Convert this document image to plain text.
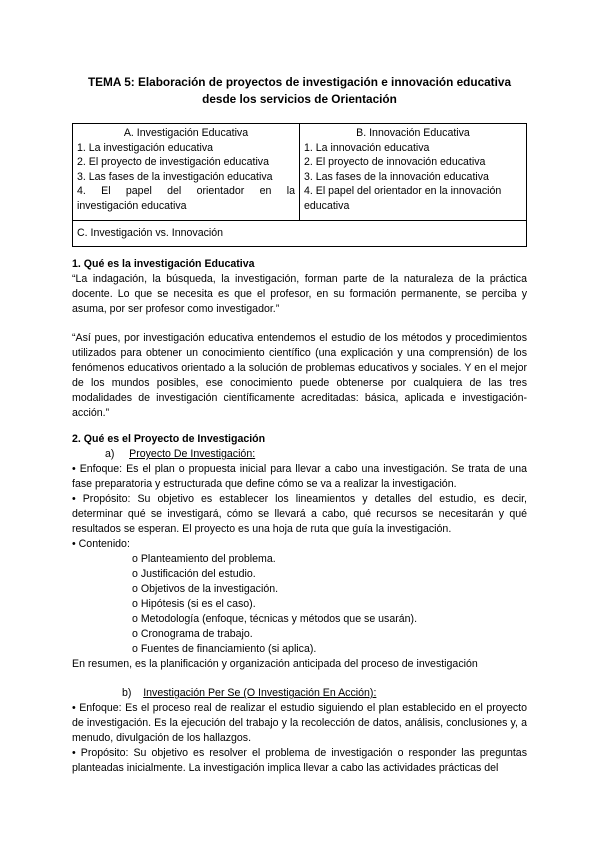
TEMA 5: Elaboración de proyectos de investigación e innovación educativa
desde los servicios de Orientación
A. Investigación Educativa
1. La investigación educativa
2. El proyecto de investigación educativa
3. Las fases de la investigación educativa
4. El papel del orientador en la
investigación educativa

B. Innovación Educativa
1. La innovación educativa
2. El proyecto de innovación educativa
3. Las fases de la innovación educativa
4. El papel del orientador en la innovación
educativa

C. Investigación vs. Innovación

1. Qué es la investigación Educativa

“La indagación, la búsqueda, la investigación, forman parte de la naturaleza de la práctica docente. Lo que se necesita es que el profesor, en su formación permanente, se perciba y asuma, por ser profesor como investigador.”

“Así pues, por investigación educativa entendemos el estudio de los métodos y procedimientos utilizados para obtener un conocimiento científico (una explicación y una comprensión) de los fenómenos educativos orientado a la solución de problemas educativos y sociales. Y en el mejor de los mundos posibles, ese conocimiento puede obtenerse por cualquiera de las tres modalidades de investigación científicamente acreditadas: básica, aplicada e investigación-acción.”

2. Qué es el Proyecto de Investigación

a) Proyecto De Investigación:

• Enfoque: Es el plan o propuesta inicial para llevar a cabo una investigación. Se trata de una fase preparatoria y estructurada que define cómo se va a realizar la investigación.

• Propósito: Su objetivo es establecer los lineamientos y detalles del estudio, es decir, determinar qué se investigará, cómo se llevará a cabo, qué recursos se necesitarán y qué resultados se esperan. El proyecto es una hoja de ruta que guía la investigación.

• Contenido:

o Planteamiento del problema.

o Justificación del estudio.

o Objetivos de la investigación.

o Hipótesis (si es el caso).

o Metodología (enfoque, técnicas y métodos que se usarán).

o Cronograma de trabajo.

o Fuentes de financiamiento (si aplica).

En resumen, es la planificación y organización anticipada del proceso de investigación

b) Investigación Per Se (O Investigación En Acción):

• Enfoque: Es el proceso real de realizar el estudio siguiendo el plan establecido en el proyecto de investigación. Es la ejecución del trabajo y la recolección de datos, análisis, conclusiones y, a menudo, divulgación de los hallazgos.

• Propósito: Su objetivo es resolver el problema de investigación o responder las preguntas planteadas inicialmente. La investigación implica llevar a cabo las actividades prácticas del
